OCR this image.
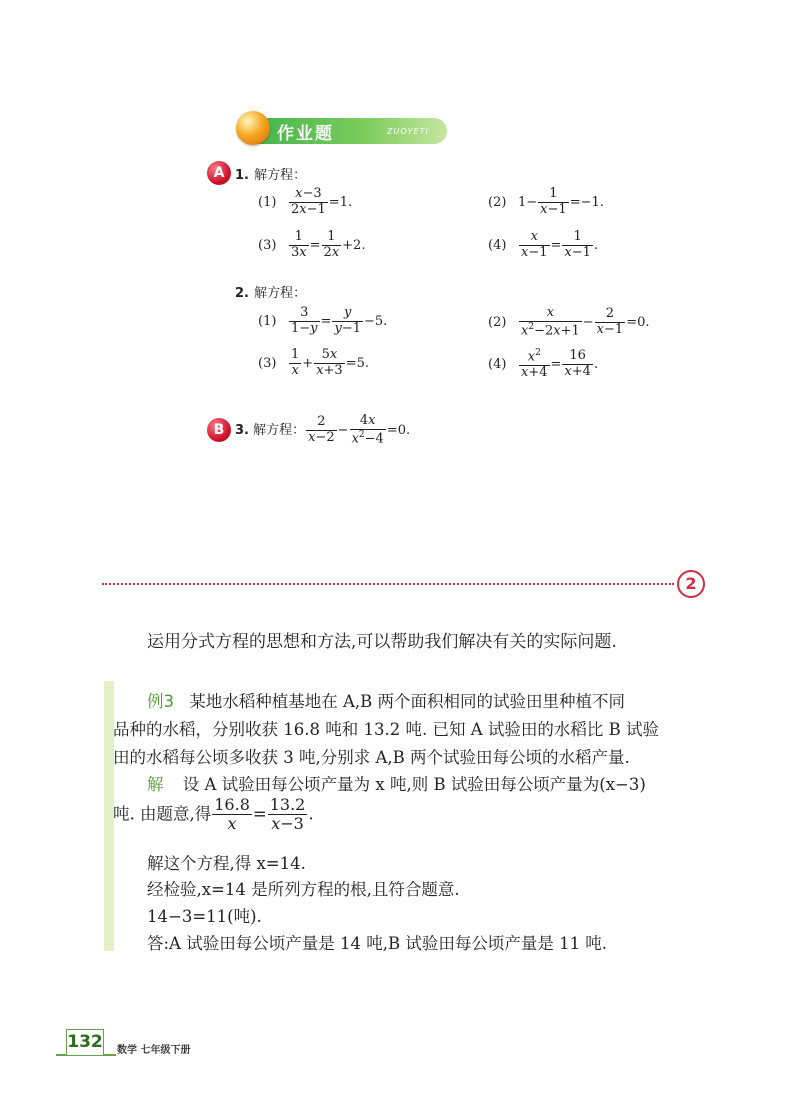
作业题	ZUOYETI
A 1. 解方程：
$(1) \frac{x-3}{2x-1} =1$.	(2) $1- \frac{1}{x-1} =-1$.
$(3) \frac{1}{3x} = \frac{1}{2x} +2$.	$(4) \frac{x}{x-1} = \frac{1}{x-1}$ .
2. 解方程：
$(1) \frac{3}{1-y} = \frac{y}{y-1} -5$.	$(2) \frac{x}{x^2-2x+1} - \frac{2}{x-1} =0$.
$(3) \frac{1}{x} + \frac{5x}{x+3} =5$.	$(4) \frac{x^2}{x+4} = \frac{16}{x+4}$ .
B 3. 解方程： $\frac{2}{x-2} - \frac{4x}{x^2-4} =0$.
2
运用分式方程的思想和方法,可以帮助我们解决有关的实际问题.
例3 某地水稻种植基地在 A,B 两个面积相同的试验田里种植不同
品种的水稻，分别收获 16.8 吨和 13.2 吨. 已知 A 试验田的水稻比 B 试验
田的水稻每公顷多收获 3 吨,分别求 A,B 两个试验田每公顷的水稻产量.
解 设 A 试验田每公顷产量为 x 吨,则 B 试验田每公顷产量为(x−3)
吨. 由题意,得 $\frac{16.8}{x} = \frac{13.2}{x-3}$ .
解这个方程,得 x=14.
经检验,x=14 是所列方程的根,且符合题意.
14−3=11(吨).
答:A 试验田每公顷产量是 14 吨,B 试验田每公顷产量是 11 吨.
132 数学 七年级下册
